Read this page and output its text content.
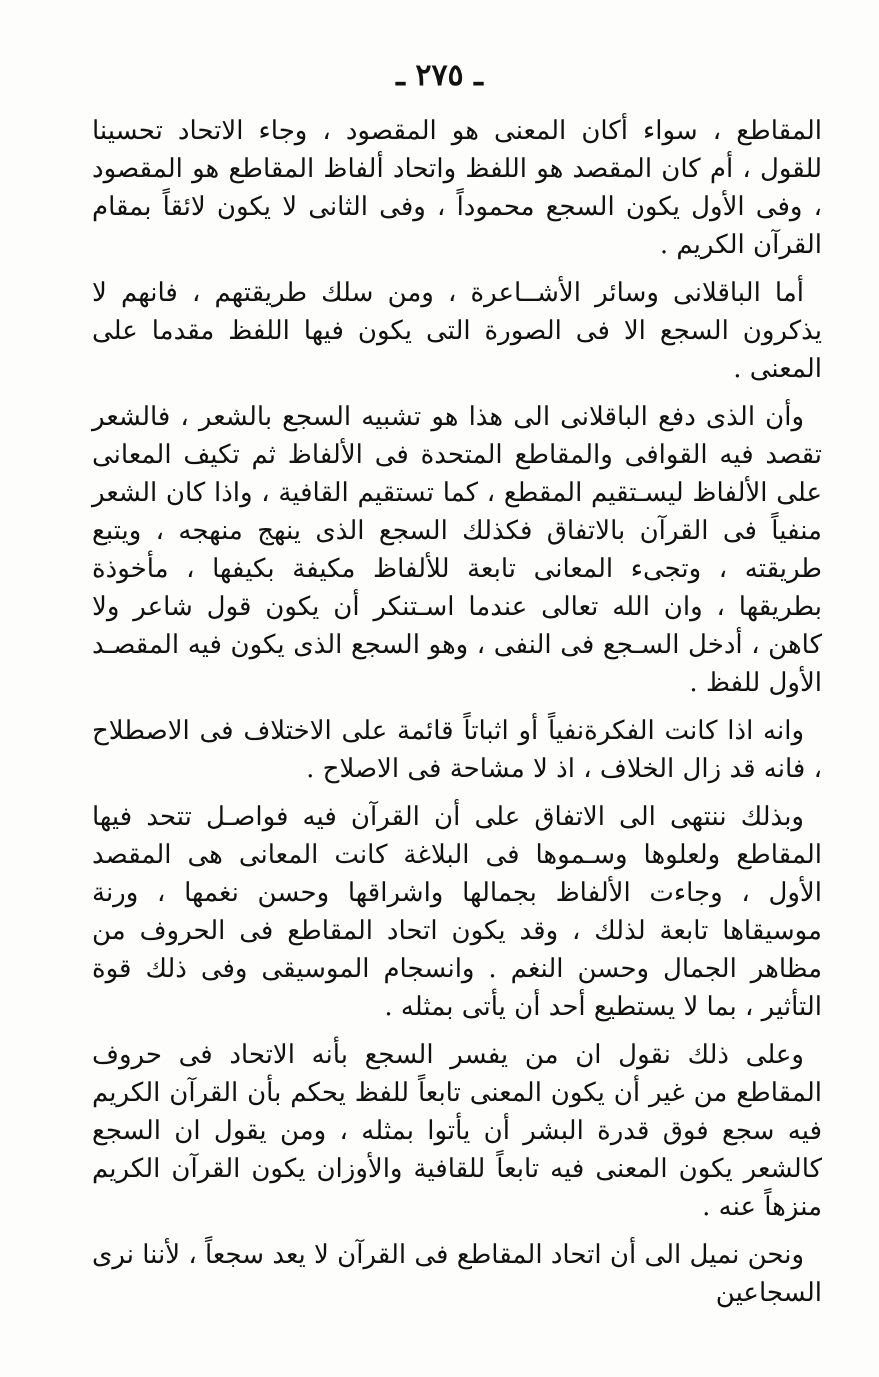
ـ ٢٧٥ ـ

المقاطع ، سواء أكان المعنى هو المقصود ، وجاء الاتحاد تحسينا للقول ، أم كان المقصد هو اللفظ واتحاد ألفاظ المقاطع هو المقصود ، وفى الأول يكون السجع محموداً ، وفى الثانى لا يكون لائقاً بمقام القرآن الكريم .

أما الباقلانى وسائر الأشــاعرة ، ومن سلك طريقتهم ، فانهم لا يذكرون السجع الا فى الصورة التى يكون فيها اللفظ مقدما على المعنى .

وأن الذى دفع الباقلانى الى هذا هو تشبيه السجع بالشعر ، فالشعر تقصد فيه القوافى والمقاطع المتحدة فى الألفاظ ثم تكيف المعانى على الألفاظ ليسـتقيم المقطع ، كما تستقيم القافية ، واذا كان الشعر منفياً فى القرآن بالاتفاق فكذلك السجع الذى ينهج منهجه ، ويتبع طريقته ، وتجىء المعانى تابعة للألفاظ مكيفة بكيفها ، مأخوذة بطريقها ، وان الله تعالى عندما اسـتنكر أن يكون قول شاعر ولا كاهن ، أدخل السـجع فى النفى ، وهو السجع الذى يكون فيه المقصـد الأول للفظ .

وانه اذا كانت الفكرةنفياً أو اثباتاً قائمة على الاختلاف فى الاصطلاح ، فانه قد زال الخلاف ، اذ لا مشاحة فى الاصلاح .

وبذلك ننتهى الى الاتفاق على أن القرآن فيه فواصـل تتحد فيها المقاطع ولعلوها وسـموها فى البلاغة كانت المعانى هى المقصد الأول ، وجاءت الألفاظ بجمالها واشراقها وحسن نغمها ، ورنة موسيقاها تابعة لذلك ، وقد يكون اتحاد المقاطع فى الحروف من مظاهر الجمال وحسن النغم . وانسجام الموسيقى وفى ذلك قوة التأثير ، بما لا يستطيع أحد أن يأتى بمثله .

وعلى ذلك نقول ان من يفسر السجع بأنه الاتحاد فى حروف المقاطع من غير أن يكون المعنى تابعاً للفظ يحكم بأن القرآن الكريم فيه سجع فوق قدرة البشر أن يأتوا بمثله ، ومن يقول ان السجع كالشعر يكون المعنى فيه تابعاً للقافية والأوزان يكون القرآن الكريم منزهاً عنه .

ونحن نميل الى أن اتحاد المقاطع فى القرآن لا يعد سجعاً ، لأننا نرى السجاعين
